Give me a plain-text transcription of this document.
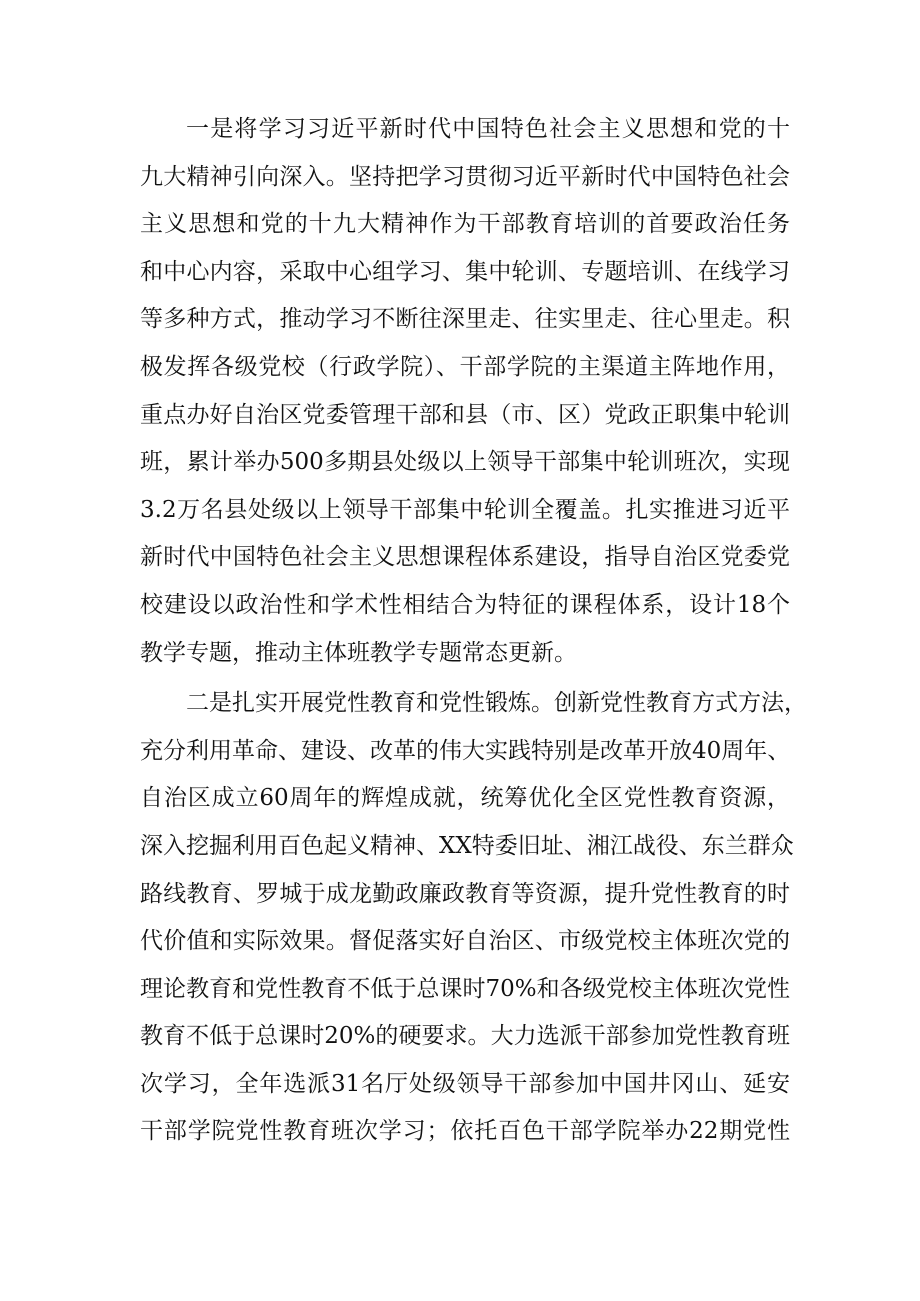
一是将学习习近平新时代中国特色社会主义思想和党的十
九大精神引向深入。坚持把学习贯彻习近平新时代中国特色社会
主义思想和党的十九大精神作为干部教育培训的首要政治任务
和中心内容，采取中心组学习、集中轮训、专题培训、在线学习
等多种方式，推动学习不断往深里走、往实里走、往心里走。积
极发挥各级党校（行政学院）、干部学院的主渠道主阵地作用，
重点办好自治区党委管理干部和县（市、区）党政正职集中轮训
班，累计举办500多期县处级以上领导干部集中轮训班次，实现
3.2万名县处级以上领导干部集中轮训全覆盖。扎实推进习近平
新时代中国特色社会主义思想课程体系建设，指导自治区党委党
校建设以政治性和学术性相结合为特征的课程体系，设计18个
教学专题，推动主体班教学专题常态更新。
二是扎实开展党性教育和党性锻炼。创新党性教育方式方法，
充分利用革命、建设、改革的伟大实践特别是改革开放40周年、
自治区成立60周年的辉煌成就，统筹优化全区党性教育资源，
深入挖掘利用百色起义精神、XX特委旧址、湘江战役、东兰群众
路线教育、罗城于成龙勤政廉政教育等资源，提升党性教育的时
代价值和实际效果。督促落实好自治区、市级党校主体班次党的
理论教育和党性教育不低于总课时70%和各级党校主体班次党性
教育不低于总课时20%的硬要求。大力选派干部参加党性教育班
次学习，全年选派31名厅处级领导干部参加中国井冈山、延安
干部学院党性教育班次学习；依托百色干部学院举办22期党性
